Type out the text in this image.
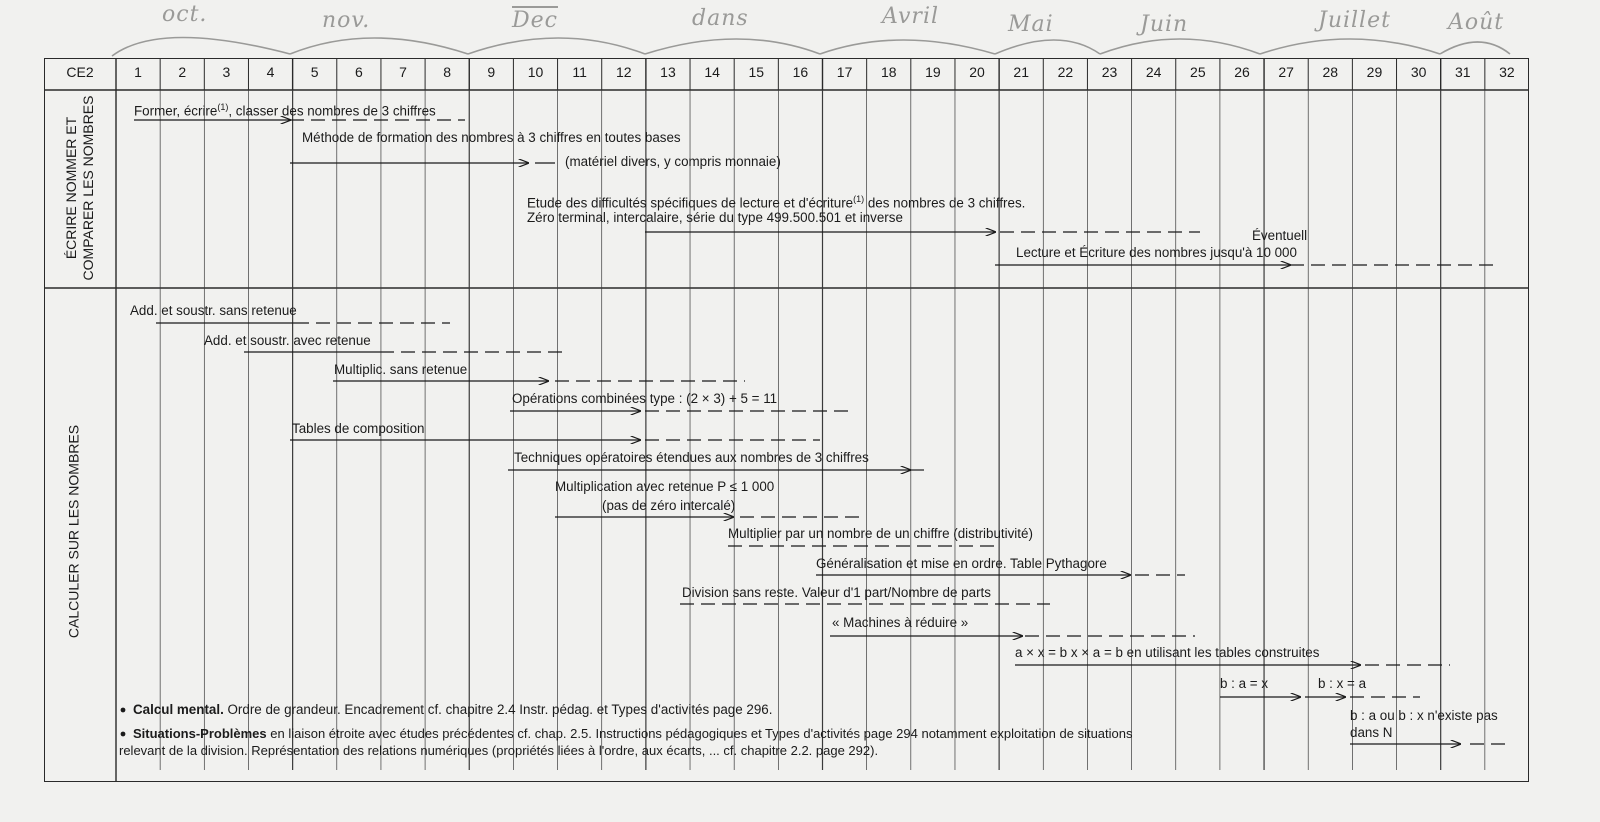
oct.	nov.	$\overline{Dec}$	dans	Avril	Mai	Juin	Juillet	Août
CE2	1	2	3	4	5	6	7	8	9	10	11	12	13	14	15	16	17	18	19	20	21	22	23	24	25	26	27	28	29	30	31	32
ÉCRIRE NOMMER ET COMPARER LES NOMBRES
CALCULER SUR LES NOMBRES
Former, écrire$^{(1)}$, classer des nombres de 3 chiffres
Méthode de formation des nombres à 3 chiffres en toutes bases
(matériel divers, y compris monnaie)
Etude des difficultés spécifiques de lecture et d'écriture$^{(1)}$ des nombres de 3 chiffres.
Zéro terminal, intercalaire, série du type 499.500.501 et inverse
Éventuell
Lecture et Écriture des nombres jusqu'à 10 000
Add. et soustr. sans retenue
Add. et soustr. avec retenue
Multiplic. sans retenue
Opérations combinées type : (2 × 3) + 5 = 11
Tables de composition
Techniques opératoires étendues aux nombres de 3 chiffres
Multiplication avec retenue P ≤ 1 000
(pas de zéro intercalé)
Multiplier par un nombre de un chiffre (distributivité)
Généralisation et mise en ordre. Table Pythagore
Division sans reste. Valeur d'1 part/Nombre de parts
« Machines à réduire »
a × x = b x × a = b en utilisant les tables construites
b : a = x	b : x = a
b : a ou b : x n'existe pas
dans N
Calcul mental. Ordre de grandeur. Encadrement cf. chapitre 2.4 Instr. pédag. et Types d'activités page 296.
Situations-Problèmes en liaison étroite avec études précédentes cf. chap. 2.5. Instructions pédagogiques et Types d'activités page 294 notamment exploitation de situations
relevant de la division. Représentation des relations numériques (propriétés liées à l'ordre, aux écarts, ... cf. chapitre 2.2. page 292).
